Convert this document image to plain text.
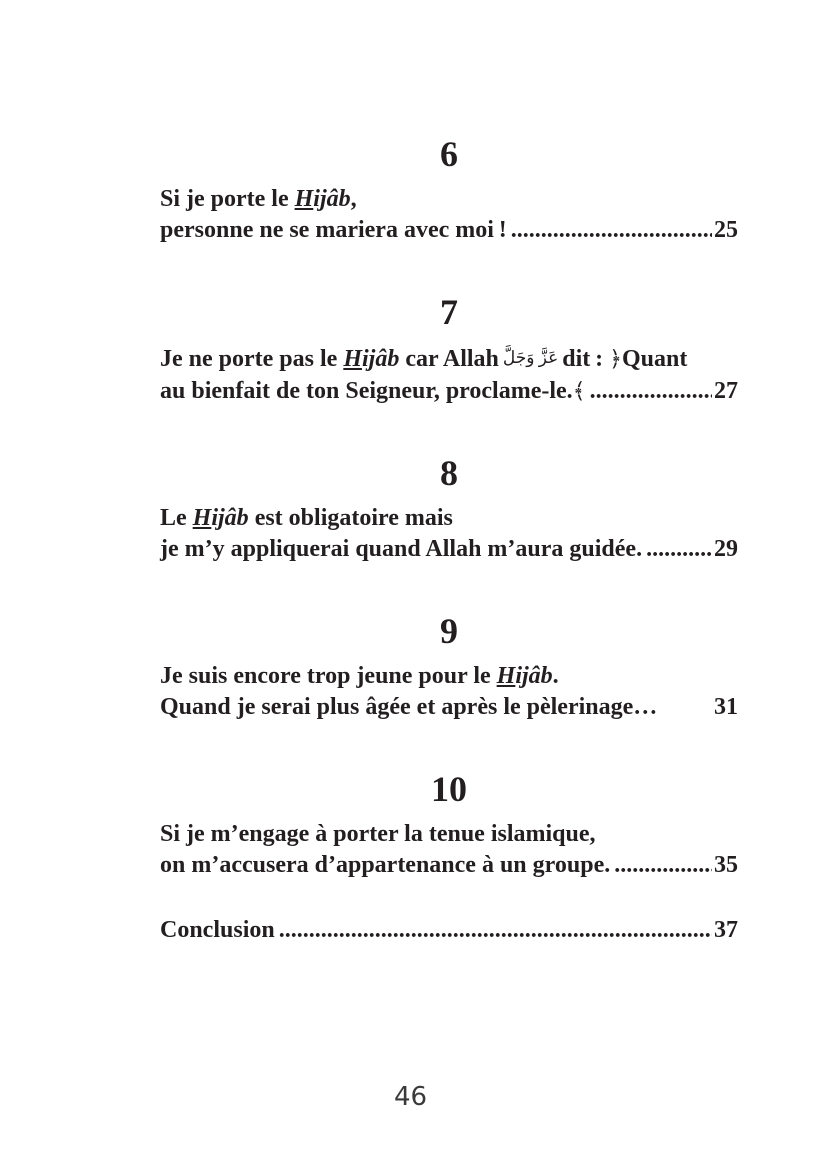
6
Si je porte le Hijâb,
personne ne se mariera avec moi ! .....	25
7
Je ne porte pas le Hijâb car Allah عَزَّ وَجَلَّ dit : ﴿Quant
au bienfait de ton Seigneur, proclame-le.﴾ .....	27
8
Le Hijâb est obligatoire mais
je m’y appliquerai quand Allah m’aura guidée. .....	29
9
Je suis encore trop jeune pour le Hijâb.
Quand je serai plus âgée et après le pèlerinage… 31
10
Si je m’engage à porter la tenue islamique,
on m’accusera d’appartenance à un groupe. .....	35
Conclusion .....	37
46
